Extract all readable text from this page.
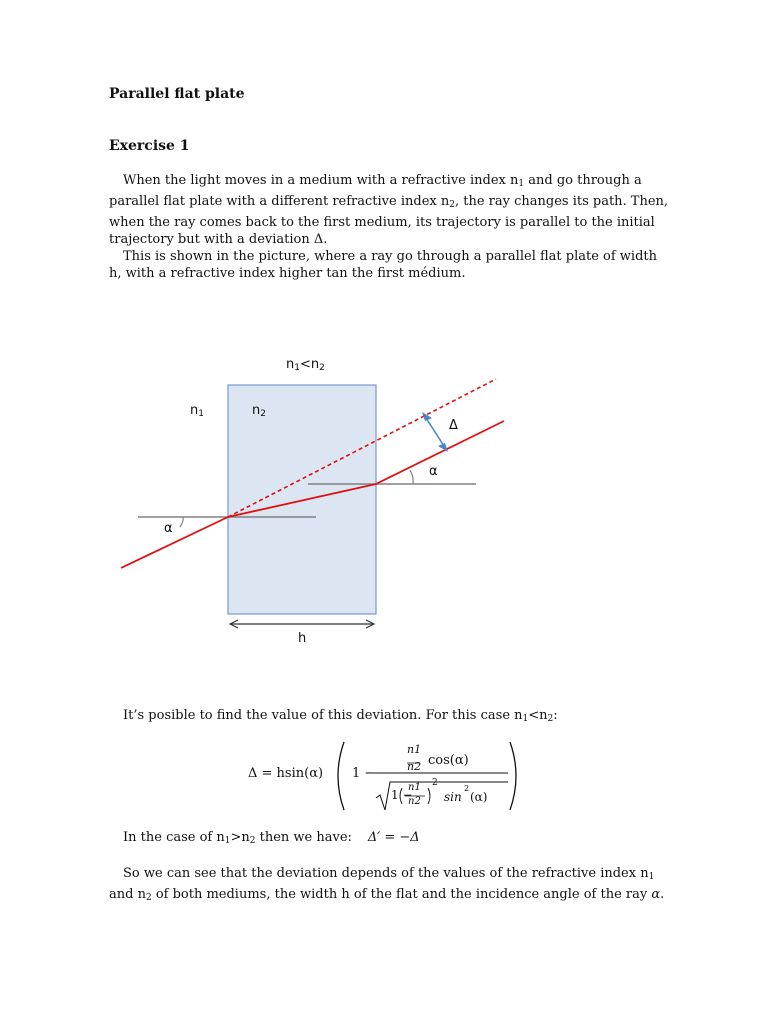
Parallel flat plate
Exercise 1

When the light moves in a medium with a refractive index $n_1$ and go through a parallel flat plate with a different refractive index $n_2$, the ray changes its path. Then, when the ray comes back to the first medium, its trajectory is parallel to the initial trajectory but with a deviation Δ.

This is shown in the picture, where a ray go through a parallel flat plate of width h, with a refractive index higher tan the first médium.

$n_1<n_2$
$n_1$	$n_2$
Δ
α
α
h
It’s posible to find the value of this deviation. For this case $n_1<n_2$:
Δ = hsin(α) 1 −
n1
n2 cos(α)
1 −
n1
n2
2
sin
2
(α)
In the case of $n_1>n_2$ then we have: Δ′ = −Δ

So we can see that the deviation depends of the values of the refractive index $n_1$ and $n_2$ of both mediums, the width h of the flat and the incidence angle of the ray α.
